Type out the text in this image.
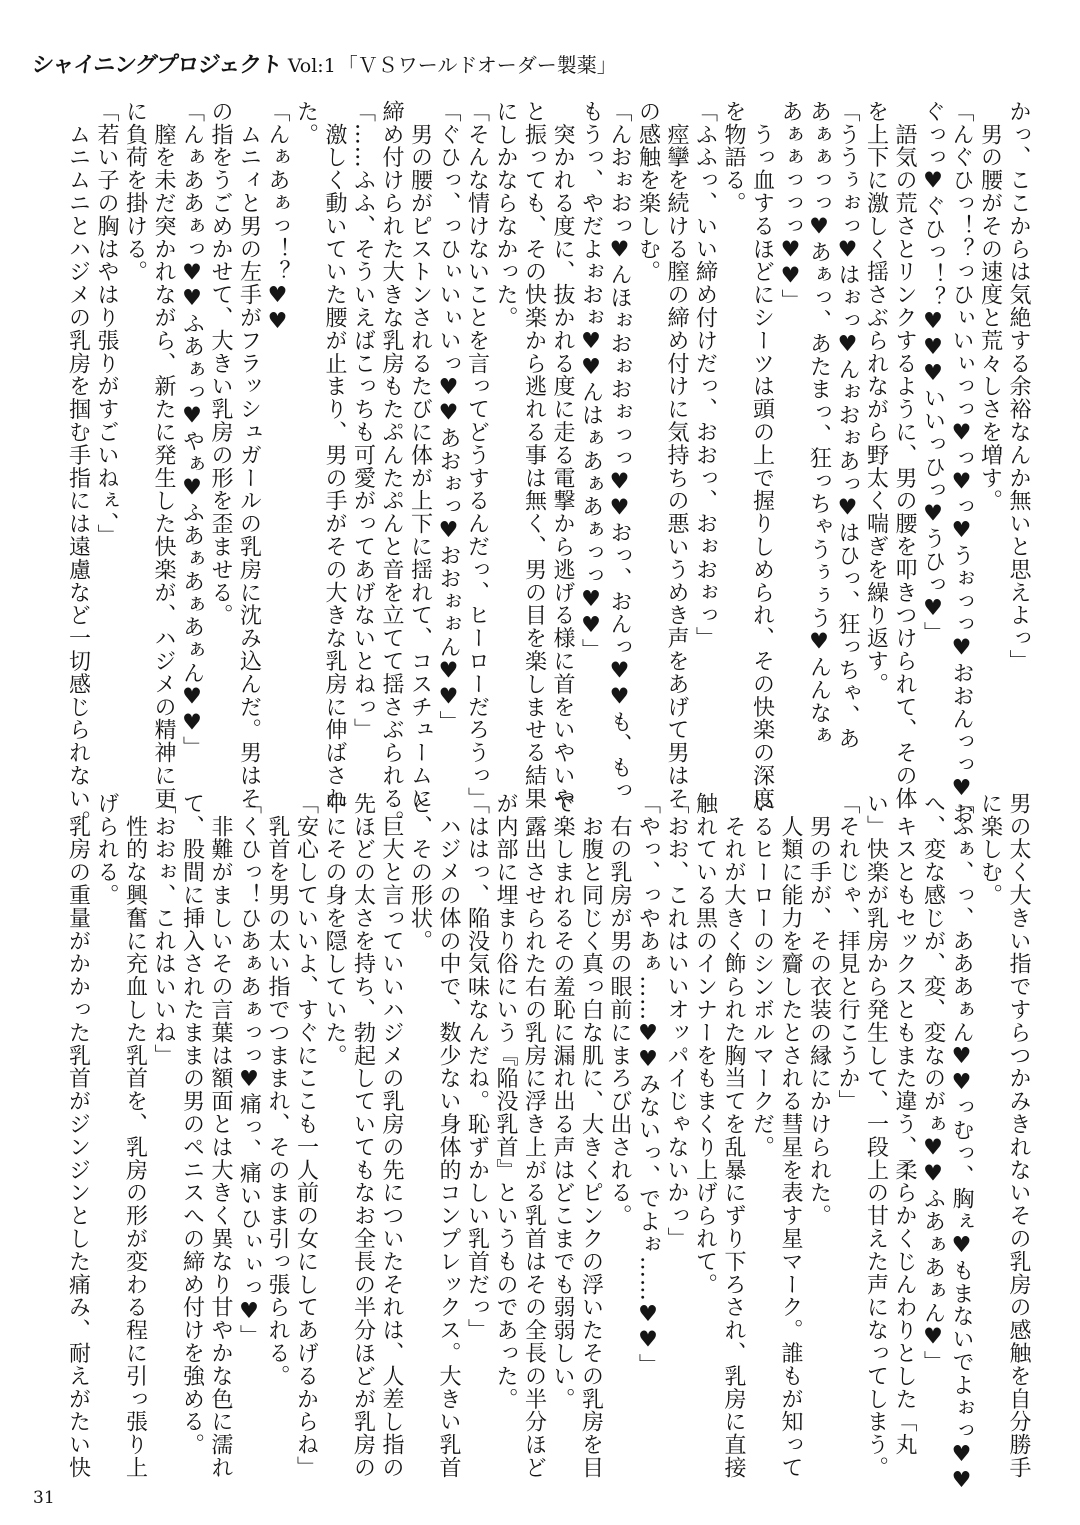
シャイニングプロジェクト Vol:1 「ＶＳワールドオーダー製薬」
かっ、ここからは気絶する余裕なんか無いと思えよっ」
　男の腰がその速度と荒々しさを増す。
「んぐひっ！？っひぃいぃっっ♥っ♥っ♥うぉっっ♥おおんっっ♥お
ぐっっ♥ぐひっ！？♥♥♥いいっひっ♥うひっ♥」
　語気の荒さとリンクするように、男の腰を叩きつけられて、その体
を上下に激しく揺さぶられながら野太く喘ぎを繰り返す。
「ううぅぉっ♥はぉっ♥んぉおぉあっ♥はひっ、狂っちゃ、あ
あぁぁっっ♥あぁっ、あたまっ、狂っちゃうぅぅう♥んんなぁ
あぁぁっっっ♥♥」
　うっ血するほどにシーツは頭の上で握りしめられ、その快楽の深度
を物語る。
「ふふっ、いい締め付けだっ、おおっ、おぉおぉっ」
　痙攣を続ける膣の締め付けに気持ちの悪いうめき声をあげて男はそ
の感触を楽しむ。
「んおぉおっ♥んほぉおぉおぉっっ♥♥おっ、おんっ♥♥も、もっ
もうっ、やだよぉおぉ♥♥んはぁあぁあぁっっ♥♥」
　突かれる度に、抜かれる度に走る電撃から逃げる様に首をいやいや
と振っても、その快楽から逃れる事は無く、男の目を楽しませる結果
にしかならなかった。
「そんな情けないことを言ってどうするんだっ、ヒーローだろうっ」
「ぐひっ、っひぃいぃいっ♥♥あおぉっ♥おおぉぉん♥♥」
　男の腰がピストンされるたびに体が上下に揺れて、コスチュームに
締め付けられた大きな乳房もたぷんたぷんと音を立てて揺さぶられる。
「……ふふ、そういえばこっちも可愛がってあげないとねっ」
　激しく動いていた腰が止まり、男の手がその大きな乳房に伸ばされ
た。
「んぁあぁっ！？♥♥
　ムニィと男の左手がフラッシュガールの乳房に沈み込んだ。男はそ
の指をうごめかせて、大きい乳房の形を歪ませる。
「んぁああぁっ♥♥ふあぁっ♥やぁ♥ふあぁあぁあぁん♥♥」
　膣を未だ突かれながら、新たに発生した快楽が、ハジメの精神に更
に負荷を掛ける。
「若い子の胸はやはり張りがすごいねぇ、」
　ムニムニとハジメの乳房を掴む手指には遠慮など一切感じられない。
男の太く大きい指ですらつかみきれないその乳房の感触を自分勝手
に楽しむ。
「ふぁ、っ、あああぁん♥♥っむっ、胸ぇ♥もまないでよぉっ♥♥
へ、変な感じが、変、変なのがぁ♥♥ふあぁあぁん♥」
　キスともセックスともまた違う、柔らかくじんわりとした「丸
い」快楽が乳房から発生して、一段上の甘えた声になってしまう。
「それじゃ、拝見と行こうか」
　男の手が、その衣装の縁にかけられた。
　人類に能力を齎したとされる彗星を表す星マーク。誰もが知って
いるヒーローのシンボルマークだ。
　それが大きく飾られた胸当てを乱暴にずり下ろされ、乳房に直接
触れている黒のインナーをもまくり上げられて。
「おお、これはいいオッパイじゃないかっ」
「やっ、っやあぁ……♥♥みないっ、でよぉ……♥♥」
　右の乳房が男の眼前にまろび出される。
　お腹と同じく真っ白な肌に、大きくピンクの浮いたその乳房を目
で楽しまれるその羞恥に漏れ出る声はどこまでも弱弱しい。
　露出させられた右の乳房に浮き上がる乳首はその全長の半分ほど
が内部に埋まり俗にいう『陥没乳首』というものであった。
「ははっ、陥没気味なんだね。恥ずかしい乳首だっ」
　ハジメの体の中で、数少ない身体的コンプレックス。大きい乳首
と、その形状。
　巨大と言っていいハジメの乳房の先についたそれは、人差し指の
先ほどの太さを持ち、勃起していてもなお全長の半分ほどが乳房の
中にその身を隠していた。
「安心していいよ、すぐにここも一人前の女にしてあげるからね」
　乳首を男の太い指でつままれ、そのまま引っ張られる。
「くひっ！ひあぁあぁっっ♥痛っ、痛いひぃぃっ♥」
　非難がましいその言葉は額面とは大きく異なり甘やかな色に濡れ
て、股間に挿入されたままの男のペニスへの締め付けを強める。
「おおぉ、これはいいね」
　性的な興奮に充血した乳首を、乳房の形が変わる程に引っ張り上
げられる。
　乳房の重量がかかった乳首がジンジンとした痛み、耐えがたい快
31
